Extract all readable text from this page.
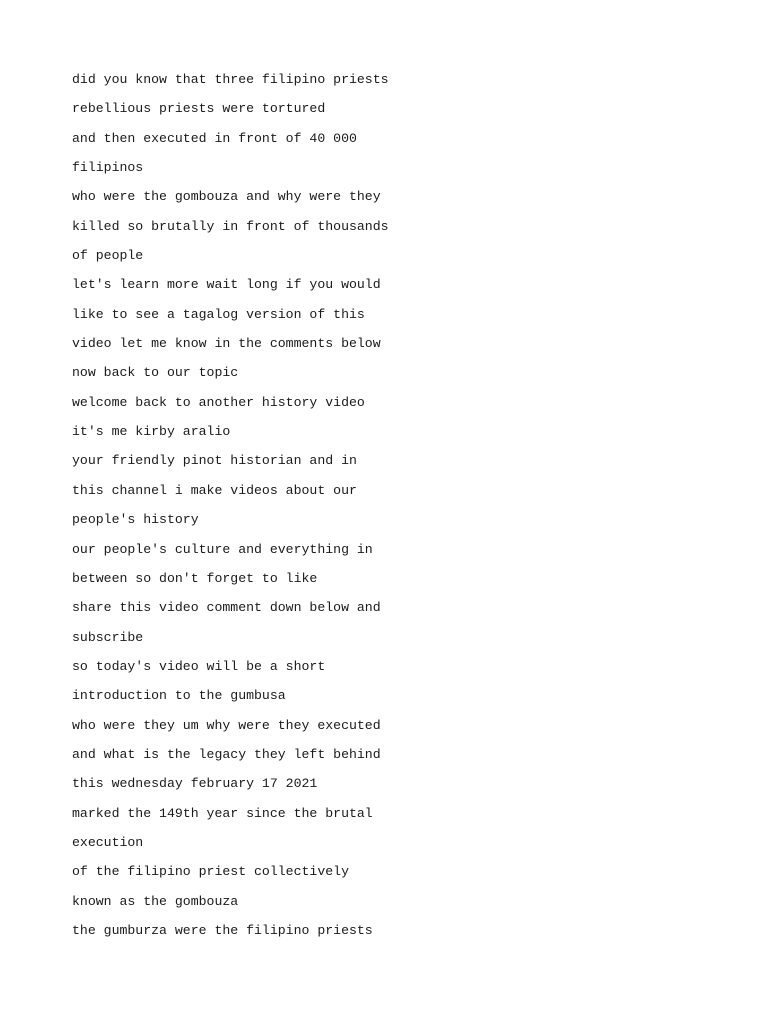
did you know that three filipino priests

rebellious priests were tortured

and then executed in front of 40 000

filipinos

who were the gombouza and why were they

killed so brutally in front of thousands

of people

let's learn more wait long if you would

like to see a tagalog version of this

video let me know in the comments below

now back to our topic

welcome back to another history video

it's me kirby aralio

your friendly pinot historian and in

this channel i make videos about our

people's history

our people's culture and everything in

between so don't forget to like

share this video comment down below and

subscribe

so today's video will be a short

introduction to the gumbusa

who were they um why were they executed

and what is the legacy they left behind

this wednesday february 17 2021

marked the 149th year since the brutal

execution

of the filipino priest collectively

known as the gombouza

the gumburza were the filipino priests
